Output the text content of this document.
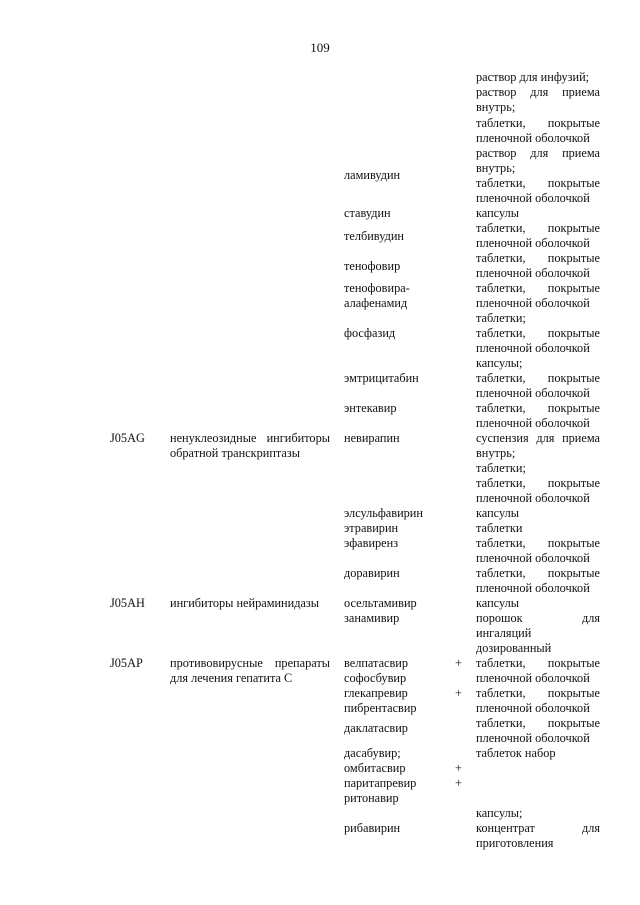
109
раствор для инфузий;
раствор для приема
внутрь;
таблетки, покрытые
пленочной оболочкой
раствор для приема
внутрь;
таблетки, покрытые
пленочной оболочкой
капсулы
таблетки, покрытые
пленочной оболочкой
таблетки, покрытые
пленочной оболочкой
таблетки, покрытые
пленочной оболочкой
таблетки;
таблетки, покрытые
пленочной оболочкой
капсулы;
таблетки, покрытые
пленочной оболочкой
таблетки, покрытые
пленочной оболочкой
суспензия для приема
внутрь;
таблетки;
таблетки, покрытые
пленочной оболочкой
капсулы
таблетки
таблетки, покрытые
пленочной оболочкой
таблетки, покрытые
пленочной оболочкой
капсулы
порошок для
ингаляций
дозированный
таблетки, покрытые
пленочной оболочкой
таблетки, покрытые
пленочной оболочкой
таблетки, покрытые
пленочной оболочкой
таблеток набор
капсулы;
концентрат для
приготовления
ламивудин
ставудин
телбивудин
тенофовир
тенофовира-
алафенамид
фосфазид
эмтрицитабин
энтекавир
невирапин
элсульфавирин
этравирин
эфавиренз
доравирин
осельтамивир
занамивир
велпатасвир
софосбувир
глекапревир
пибрентасвир
даклатасвир
дасабувир;
омбитасвир
паритапревир
ритонавир
рибавирин
+
+
+
+
J05AG ненуклеозидные ингибиторы
обратной транскриптазы
J05AH ингибиторы нейраминидазы
J05AP противовирусные препараты
для лечения гепатита С
